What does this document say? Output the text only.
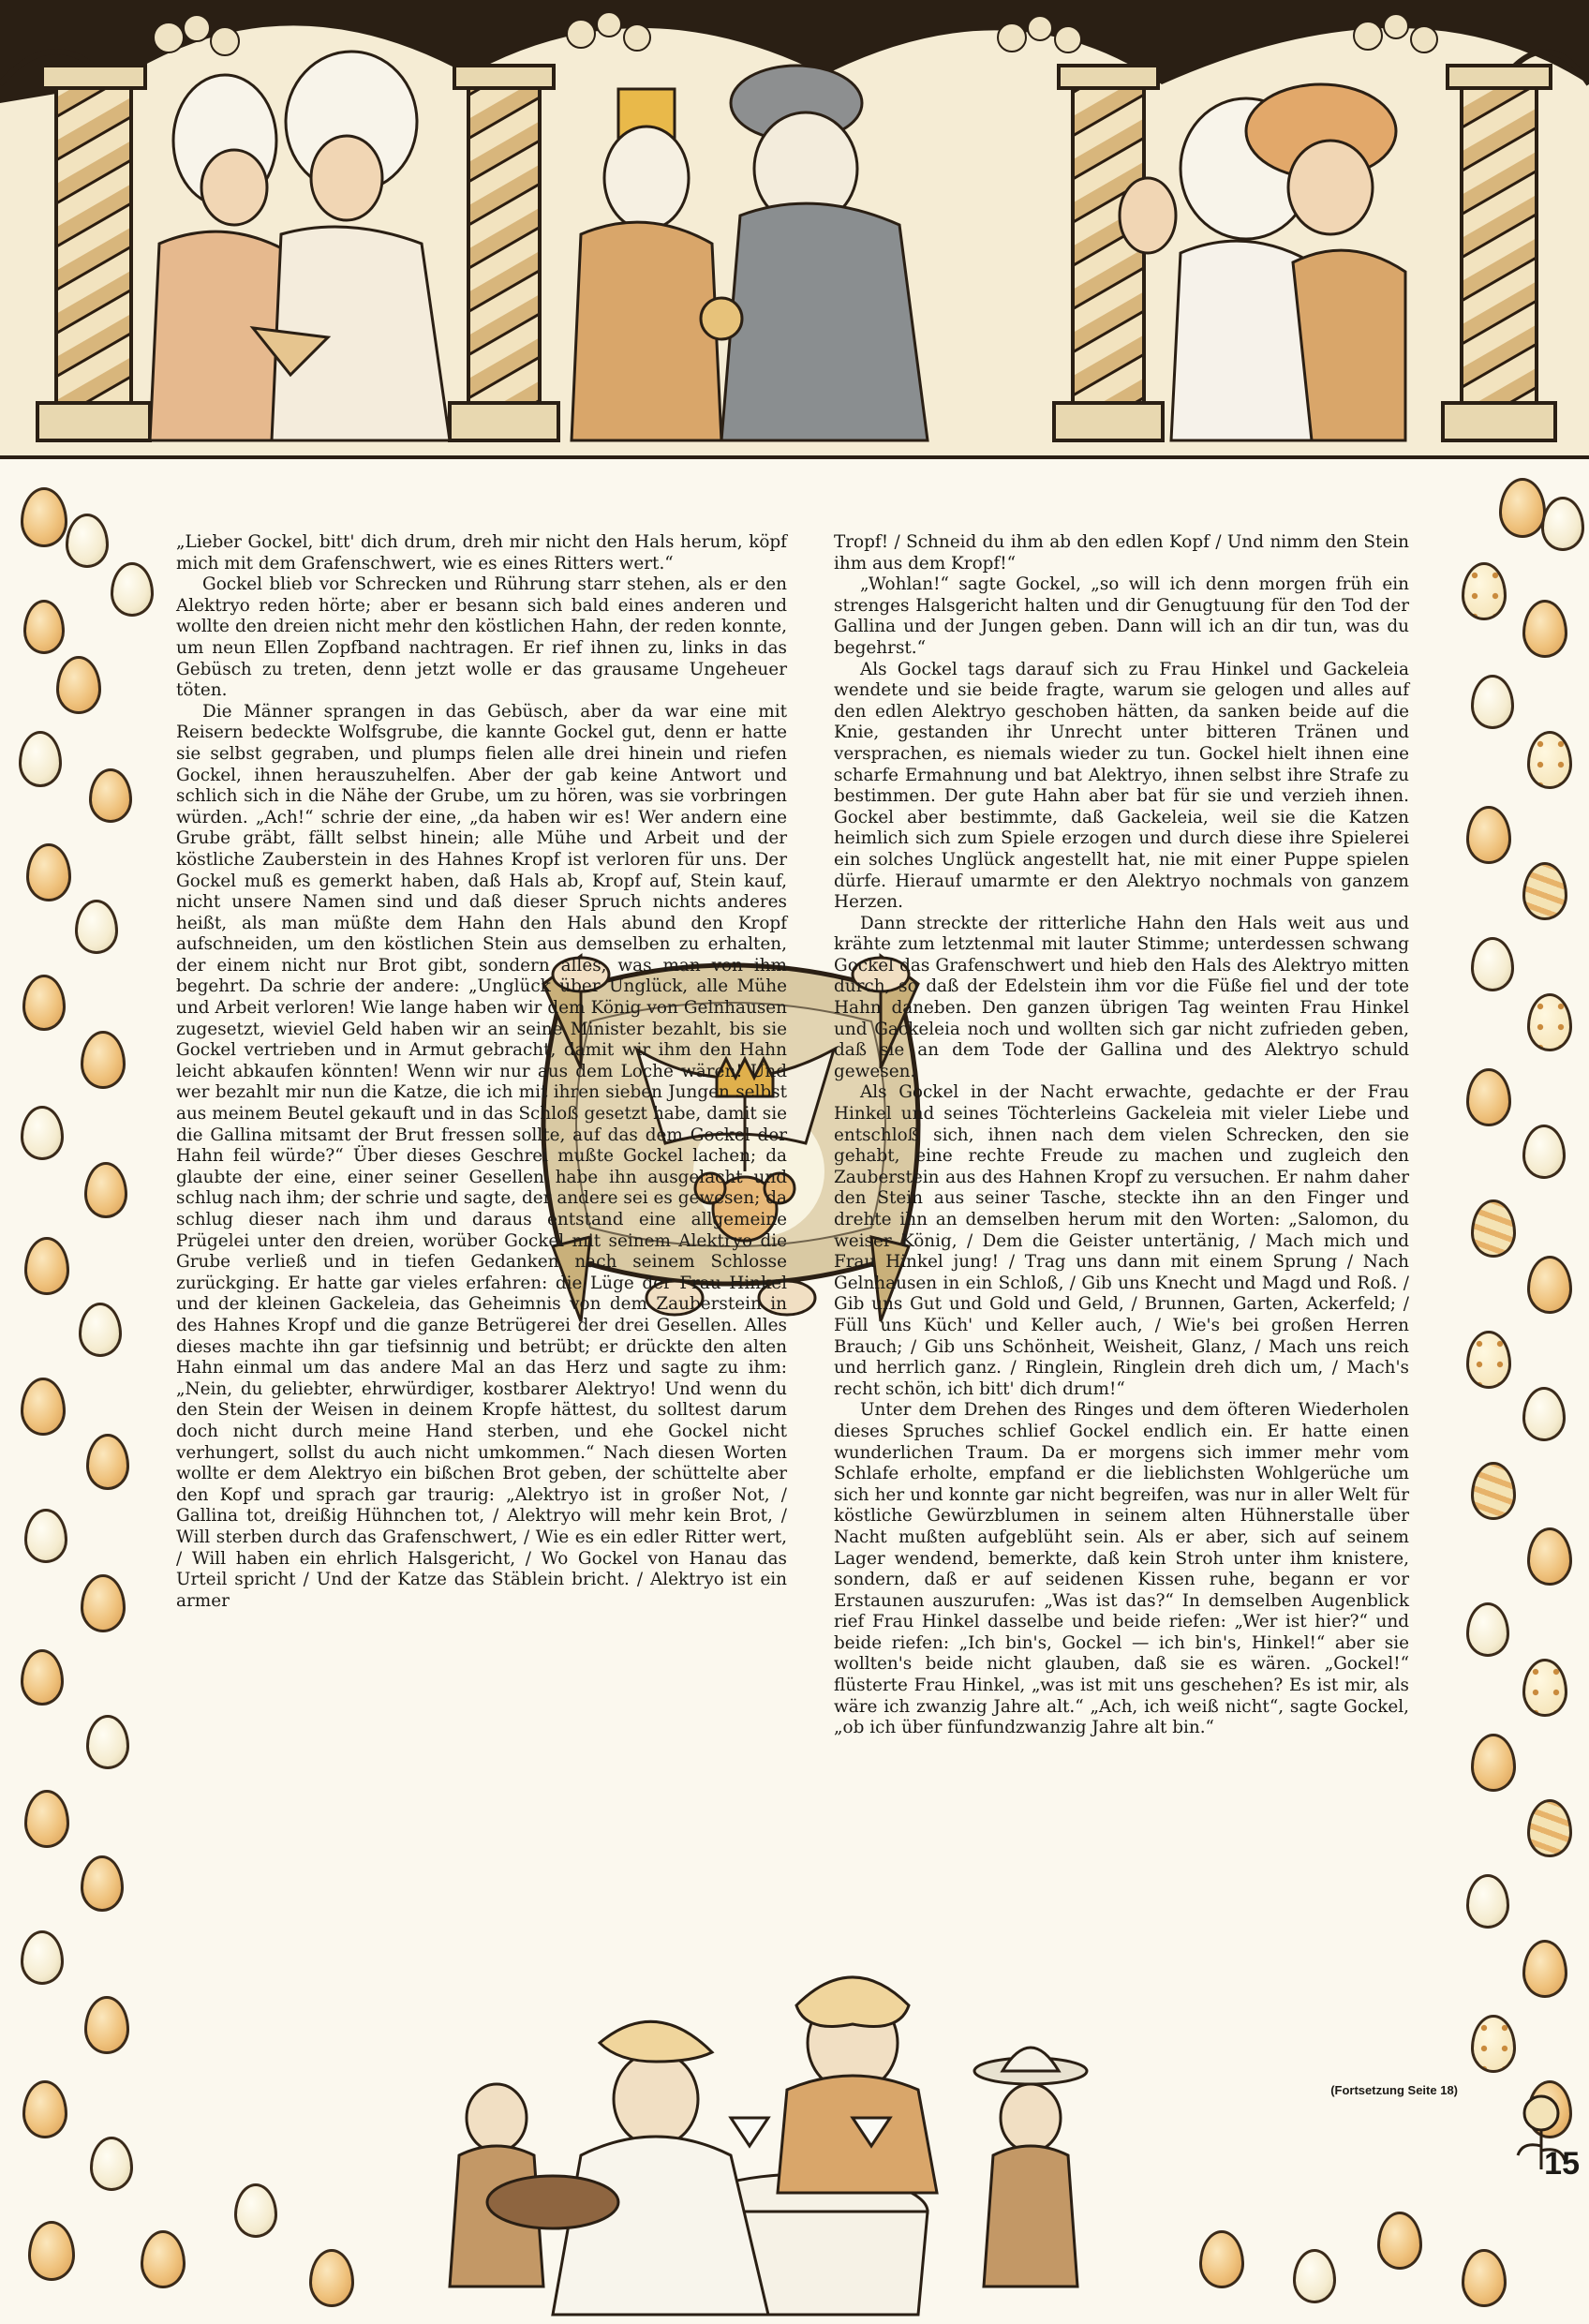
„Lieber Gockel, bitt' dich drum, dreh mir nicht den Hals herum, köpf mich mit dem Grafenschwert, wie es eines Ritters wert.“

Gockel blieb vor Schrecken und Rührung starr stehen, als er den Alektryo reden hörte; aber er besann sich bald eines anderen und wollte den dreien nicht mehr den köstlichen Hahn, der reden konnte, um neun Ellen Zopfband nachtragen. Er rief ihnen zu, links in das Gebüsch zu treten, denn jetzt wolle er das grausame Ungeheuer töten.

Die Männer sprangen in das Gebüsch, aber da war eine mit Reisern bedeckte Wolfsgrube, die kannte Gockel gut, denn er hatte sie selbst gegraben, und plumps fielen alle drei hinein und riefen Gockel, ihnen herauszuhelfen. Aber der gab keine Antwort und schlich sich in die Nähe der Grube, um zu hören, was sie vorbringen würden. „Ach!“ schrie der eine, „da haben wir es! Wer andern eine Grube gräbt, fällt selbst hinein; alle Mühe und Arbeit und der köstliche Zauberstein in des Hahnes Kropf ist verloren für uns. Der Gockel muß es gemerkt haben, daß Hals ab, Kropf auf, Stein kauf, nicht unsere Namen sind und daß dieser Spruch nichts anderes heißt, als man müßte dem Hahn den Hals abund den Kropf aufschneiden, um den köstlichen Stein aus demselben zu erhalten, der einem nicht nur Brot gibt, sondern alles, was man von ihm begehrt. Da schrie der andere: „Unglück über Unglück, alle Mühe und Arbeit verloren! Wie lange haben wir dem König von Gelnhausen zugesetzt, wieviel Geld haben wir an seine Minister bezahlt, bis sie Gockel vertrieben und in Armut gebracht, damit wir ihm den Hahn leicht abkaufen könnten! Wenn wir nur aus dem Loche wären! Und wer bezahlt mir nun die Katze, die ich mit ihren sieben Jungen selbst aus meinem Beutel gekauft und in das Schloß gesetzt habe, damit sie die Gallina mitsamt der Brut fressen sollte, auf das dem Gockel der Hahn feil würde?“ Über dieses Geschrei mußte Gockel lachen; da glaubte der eine, einer seiner Gesellen habe ihn ausgelacht und schlug nach ihm; der schrie und sagte, der andere sei es gewesen; da schlug dieser nach ihm und daraus entstand eine allgemeine Prügelei unter den dreien, worüber Gockel mit seinem Alektryo die Grube verließ und in tiefen Gedanken nach seinem Schlosse zurückging. Er hatte gar vieles erfahren: die Lüge der Frau Hinkel und der kleinen Gackeleia, das Geheimnis von dem Zauberstein in des Hahnes Kropf und die ganze Betrügerei der drei Gesellen. Alles dieses machte ihn gar tiefsinnig und betrübt; er drückte den alten Hahn einmal um das andere Mal an das Herz und sagte zu ihm: „Nein, du geliebter, ehrwürdiger, kostbarer Alektryo! Und wenn du den Stein der Weisen in deinem Kropfe hättest, du solltest darum doch nicht durch meine Hand sterben, und ehe Gockel nicht verhungert, sollst du auch nicht umkommen.“ Nach diesen Worten wollte er dem Alektryo ein bißchen Brot geben, der schüttelte aber den Kopf und sprach gar traurig: „Alektryo ist in großer Not, / Gallina tot, dreißig Hühnchen tot, / Alektryo will mehr kein Brot, / Will sterben durch das Grafenschwert, / Wie es ein edler Ritter wert, / Will haben ein ehrlich Halsgericht, / Wo Gockel von Hanau das Urteil spricht / Und der Katze das Stäblein bricht. / Alektryo ist ein armer

Tropf! / Schneid du ihm ab den edlen Kopf / Und nimm den Stein ihm aus dem Kropf!“

„Wohlan!“ sagte Gockel, „so will ich denn morgen früh ein strenges Halsgericht halten und dir Genugtuung für den Tod der Gallina und der Jungen geben. Dann will ich an dir tun, was du begehrst.“

Als Gockel tags darauf sich zu Frau Hinkel und Gackeleia wendete und sie beide fragte, warum sie gelogen und alles auf den edlen Alektryo geschoben hätten, da sanken beide auf die Knie, gestanden ihr Unrecht unter bitteren Tränen und versprachen, es niemals wieder zu tun. Gockel hielt ihnen eine scharfe Ermahnung und bat Alektryo, ihnen selbst ihre Strafe zu bestimmen. Der gute Hahn aber bat für sie und verzieh ihnen. Gockel aber bestimmte, daß Gackeleia, weil sie die Katzen heimlich sich zum Spiele erzogen und durch diese ihre Spielerei ein solches Unglück angestellt hat, nie mit einer Puppe spielen dürfe. Hierauf umarmte er den Alektryo nochmals von ganzem Herzen.

Dann streckte der ritterliche Hahn den Hals weit aus und krähte zum letztenmal mit lauter Stimme; unterdessen schwang Gockel das Grafenschwert und hieb den Hals des Alektryo mitten durch, so daß der Edelstein ihm vor die Füße fiel und der tote Hahn daneben. Den ganzen übrigen Tag weinten Frau Hinkel und Gackeleia noch und wollten sich gar nicht zufrieden geben, daß sie an dem Tode der Gallina und des Alektryo schuld gewesen.

Als Gockel in der Nacht erwachte, gedachte er der Frau Hinkel und seines Töchterleins Gackeleia mit vieler Liebe und entschloß sich, ihnen nach dem vielen Schrecken, den sie gehabt, eine rechte Freude zu machen und zugleich den Zauberstein aus des Hahnen Kropf zu versuchen. Er nahm daher den Stein aus seiner Tasche, steckte ihn an den Finger und drehte ihn an demselben herum mit den Worten: „Salomon, du weiser König, / Dem die Geister untertänig, / Mach mich und Frau Hinkel jung! / Trag uns dann mit einem Sprung / Nach Gelnhausen in ein Schloß, / Gib uns Knecht und Magd und Roß. / Gib uns Gut und Gold und Geld, / Brunnen, Garten, Ackerfeld; / Füll uns Küch' und Keller auch, / Wie's bei großen Herren Brauch; / Gib uns Schönheit, Weisheit, Glanz, / Mach uns reich und herrlich ganz. / Ringlein, Ringlein dreh dich um, / Mach's recht schön, ich bitt' dich drum!“

Unter dem Drehen des Ringes und dem öfteren Wiederholen dieses Spruches schlief Gockel endlich ein. Er hatte einen wunderlichen Traum. Da er morgens sich immer mehr vom Schlafe erholte, empfand er die lieblichsten Wohlgerüche um sich her und konnte gar nicht begreifen, was nur in aller Welt für köstliche Gewürzblumen in seinem alten Hühnerstalle über Nacht mußten aufgeblüht sein. Als er aber, sich auf seinem Lager wendend, bemerkte, daß kein Stroh unter ihm knistere, sondern, daß er auf seidenen Kissen ruhe, begann er vor Erstaunen auszurufen: „Was ist das?“ In demselben Augenblick rief Frau Hinkel dasselbe und beide riefen: „Wer ist hier?“ und beide riefen: „Ich bin's, Gockel — ich bin's, Hinkel!“ aber sie wollten's beide nicht glauben, daß sie es wären. „Gockel!“ flüsterte Frau Hinkel, „was ist mit uns geschehen? Es ist mir, als wäre ich zwanzig Jahre alt.“ „Ach, ich weiß nicht“, sagte Gockel, „ob ich über fünfundzwanzig Jahre alt bin.“

(Fortsetzung Seite 18)
15
